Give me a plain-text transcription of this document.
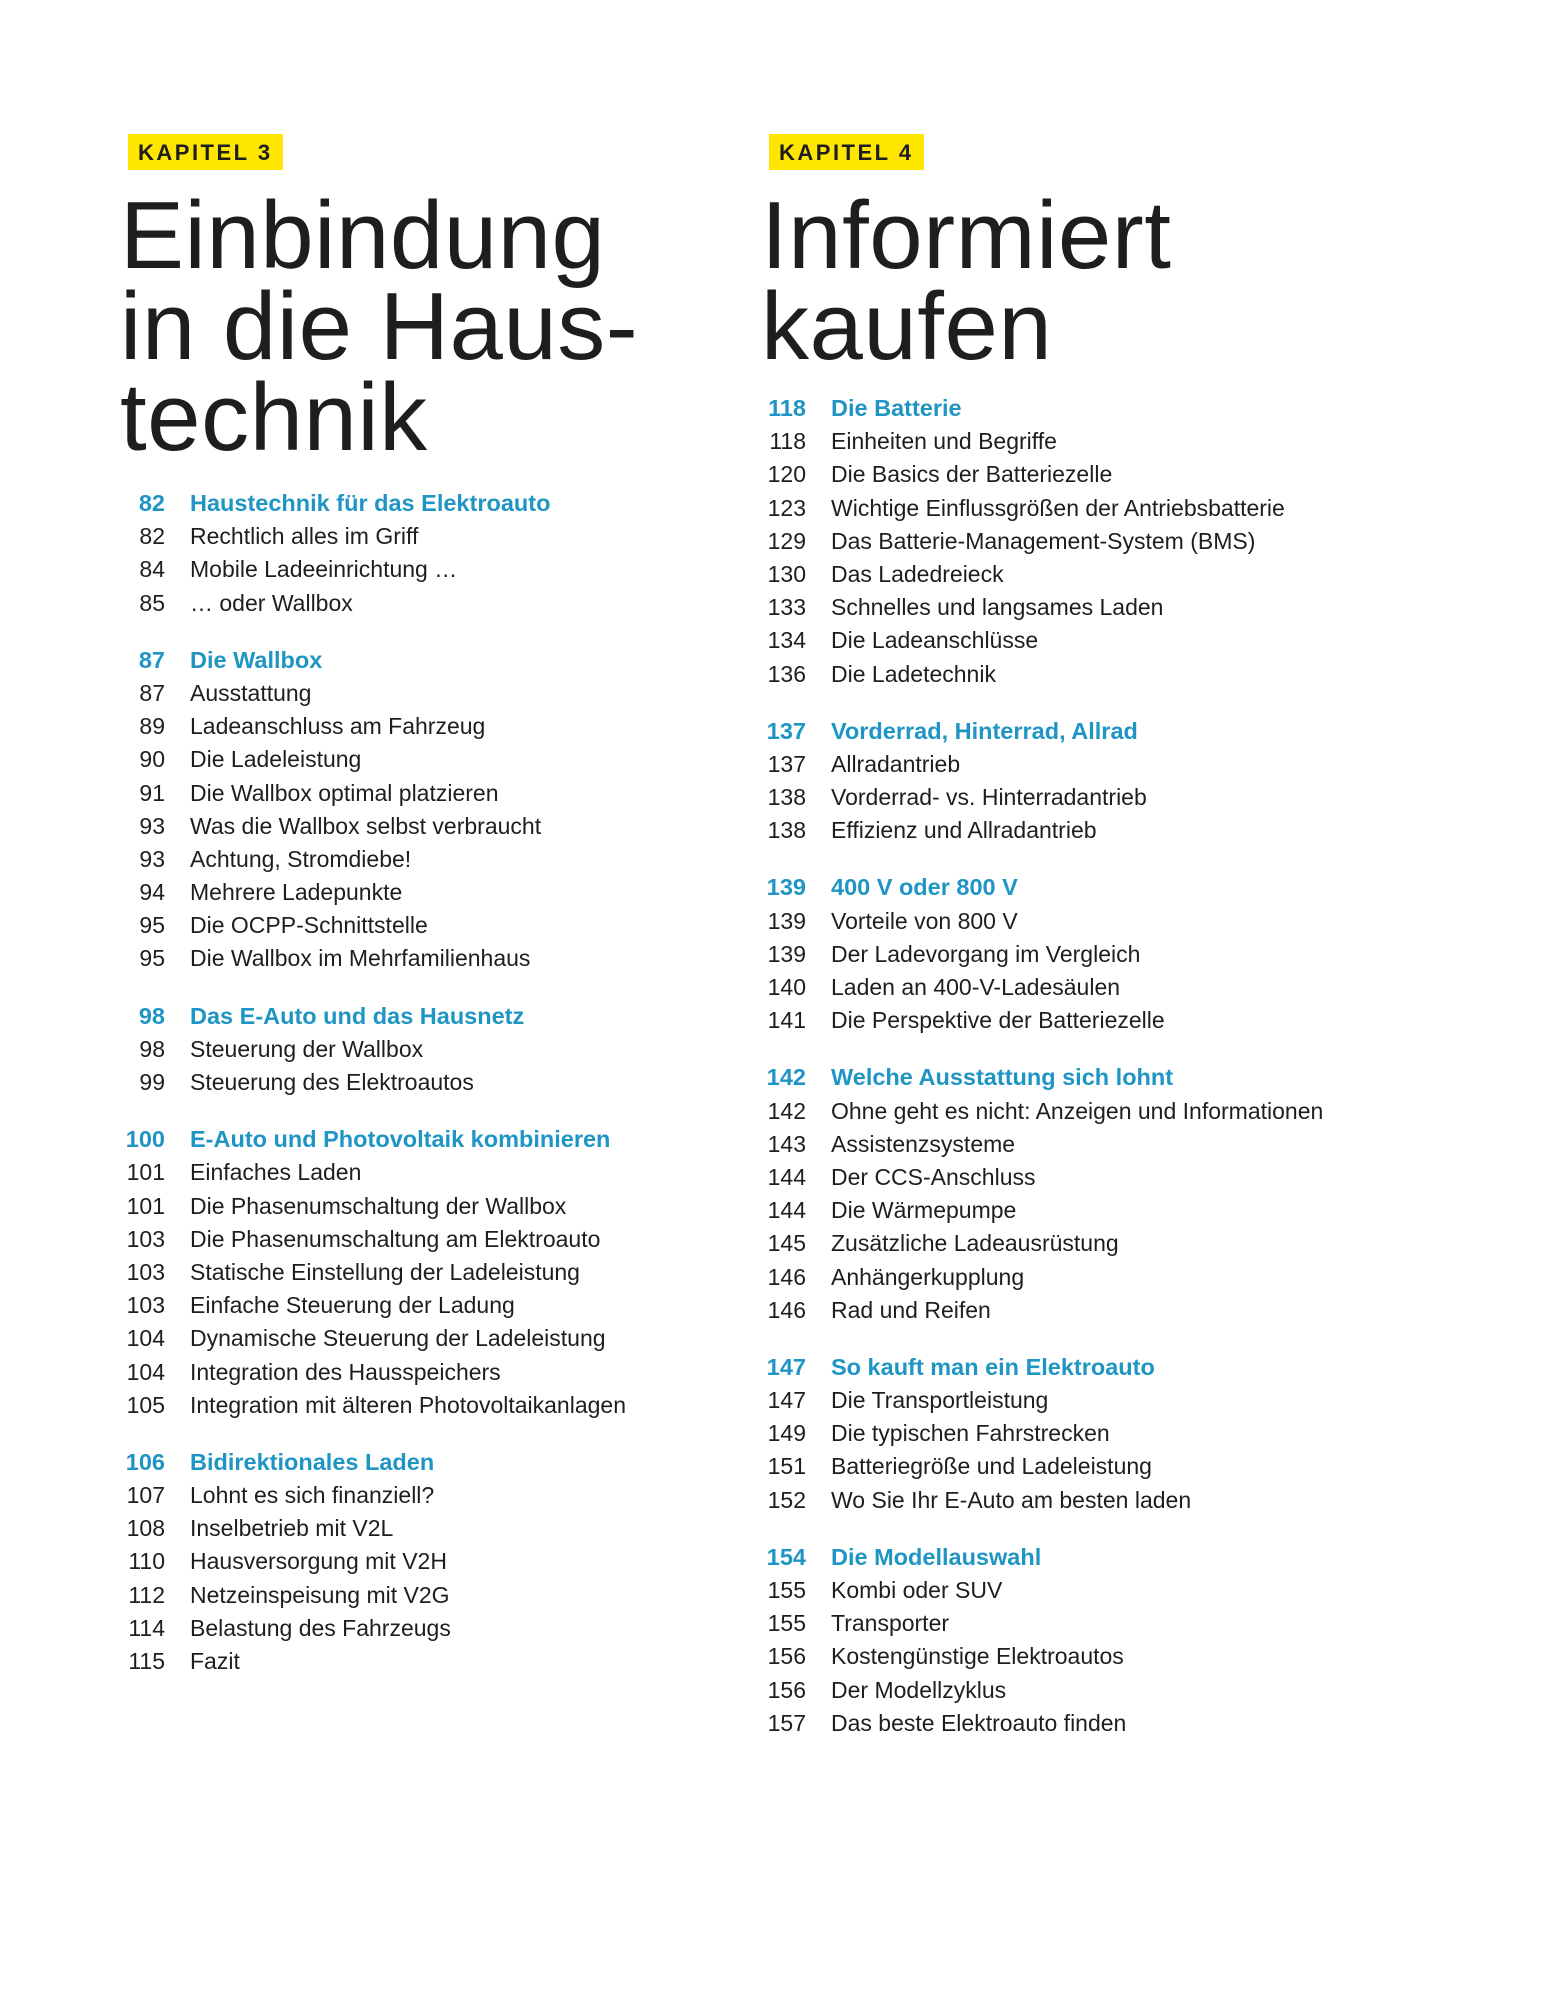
KAPITEL 3
Einbindung
in die Haus-
technik
82 Haustechnik für das Elektroauto
82 Rechtlich alles im Griff
84 Mobile Ladeeinrichtung …
85 … oder Wallbox
87 Die Wallbox
87 Ausstattung
89 Ladeanschluss am Fahrzeug
90 Die Ladeleistung
91 Die Wallbox optimal platzieren
93 Was die Wallbox selbst verbraucht
93 Achtung, Stromdiebe!
94 Mehrere Ladepunkte
95 Die OCPP-Schnittstelle
95 Die Wallbox im Mehrfamilienhaus
98 Das E-Auto und das Hausnetz
98 Steuerung der Wallbox
99 Steuerung des Elektroautos
100 E-Auto und Photovoltaik kombinieren
101 Einfaches Laden
101 Die Phasenumschaltung der Wallbox
103 Die Phasenumschaltung am Elektroauto
103 Statische Einstellung der Ladeleistung
103 Einfache Steuerung der Ladung
104 Dynamische Steuerung der Ladeleistung
104 Integration des Hausspeichers
105 Integration mit älteren Photovoltaikanlagen
106 Bidirektionales Laden
107 Lohnt es sich finanziell?
108 Inselbetrieb mit V2L
110 Hausversorgung mit V2H
112 Netzeinspeisung mit V2G
114 Belastung des Fahrzeugs
115 Fazit
KAPITEL 4
Informiert
kaufen
118 Die Batterie
118 Einheiten und Begriffe
120 Die Basics der Batteriezelle
123 Wichtige Einflussgrößen der Antriebsbatterie
129 Das Batterie-Management-System (BMS)
130 Das Ladedreieck
133 Schnelles und langsames Laden
134 Die Ladeanschlüsse
136 Die Ladetechnik
137 Vorderrad, Hinterrad, Allrad
137 Allradantrieb
138 Vorderrad- vs. Hinterradantrieb
138 Effizienz und Allradantrieb
139 400 V oder 800 V
139 Vorteile von 800 V
139 Der Ladevorgang im Vergleich
140 Laden an 400-V-Ladesäulen
141 Die Perspektive der Batteriezelle
142 Welche Ausstattung sich lohnt
142 Ohne geht es nicht: Anzeigen und Informationen
143 Assistenzsysteme
144 Der CCS-Anschluss
144 Die Wärmepumpe
145 Zusätzliche Ladeausrüstung
146 Anhängerkupplung
146 Rad und Reifen
147 So kauft man ein Elektroauto
147 Die Transportleistung
149 Die typischen Fahrstrecken
151 Batteriegröße und Ladeleistung
152 Wo Sie Ihr E-Auto am besten laden
154 Die Modellauswahl
155 Kombi oder SUV
155 Transporter
156 Kostengünstige Elektroautos
156 Der Modellzyklus
157 Das beste Elektroauto finden
